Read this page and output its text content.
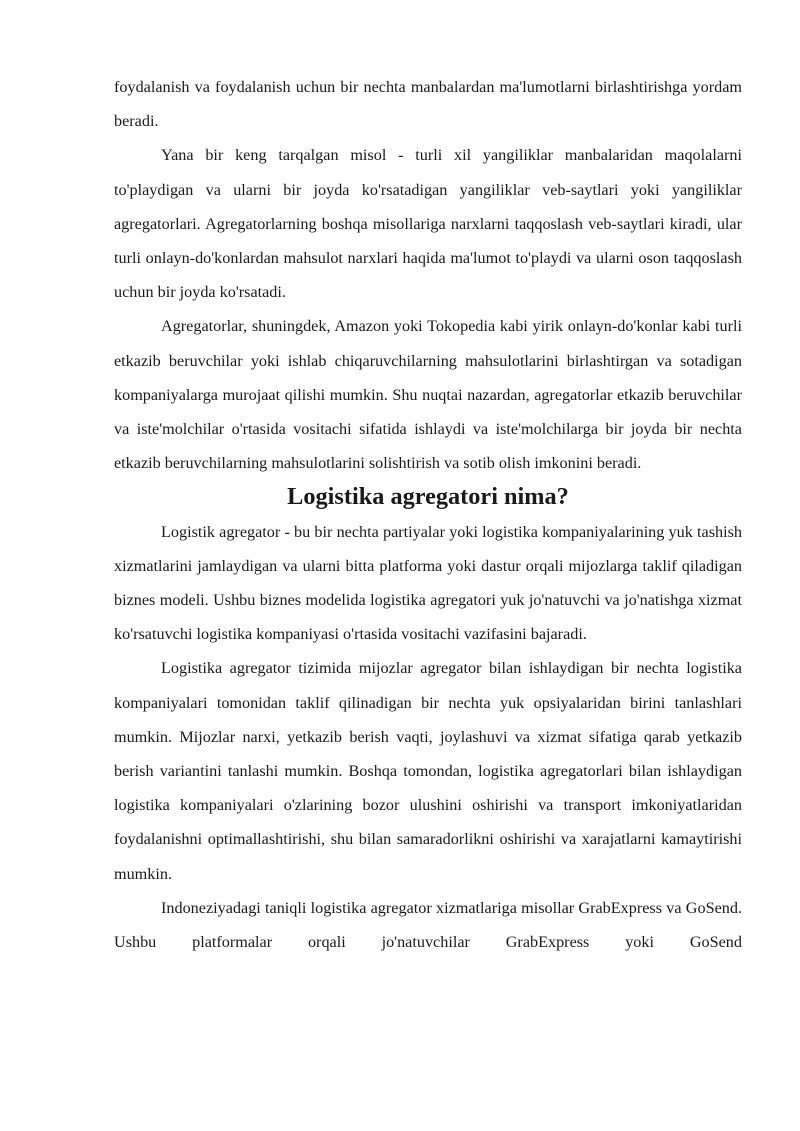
foydalanish va foydalanish uchun bir nechta manbalardan ma'lumotlarni birlashtirishga yordam beradi.

Yana bir keng tarqalgan misol - turli xil yangiliklar manbalaridan maqolalarni to'playdigan va ularni bir joyda ko'rsatadigan yangiliklar veb-saytlari yoki yangiliklar agregatorlari. Agregatorlarning boshqa misollariga narxlarni taqqoslash veb-saytlari kiradi, ular turli onlayn-do'konlardan mahsulot narxlari haqida ma'lumot to'playdi va ularni oson taqqoslash uchun bir joyda ko'rsatadi.

Agregatorlar, shuningdek, Amazon yoki Tokopedia kabi yirik onlayn-do'konlar kabi turli etkazib beruvchilar yoki ishlab chiqaruvchilarning mahsulotlarini birlashtirgan va sotadigan kompaniyalarga murojaat qilishi mumkin. Shu nuqtai nazardan, agregatorlar etkazib beruvchilar va iste'molchilar o'rtasida vositachi sifatida ishlaydi va iste'molchilarga bir joyda bir nechta etkazib beruvchilarning mahsulotlarini solishtirish va sotib olish imkonini beradi.

Logistika agregatori nima?

Logistik agregator - bu bir nechta partiyalar yoki logistika kompaniyalarining yuk tashish xizmatlarini jamlaydigan va ularni bitta platforma yoki dastur orqali mijozlarga taklif qiladigan biznes modeli. Ushbu biznes modelida logistika agregatori yuk jo'natuvchi va jo'natishga xizmat ko'rsatuvchi logistika kompaniyasi o'rtasida vositachi vazifasini bajaradi.

Logistika agregator tizimida mijozlar agregator bilan ishlaydigan bir nechta logistika kompaniyalari tomonidan taklif qilinadigan bir nechta yuk opsiyalaridan birini tanlashlari mumkin. Mijozlar narxi, yetkazib berish vaqti, joylashuvi va xizmat sifatiga qarab yetkazib berish variantini tanlashi mumkin. Boshqa tomondan, logistika agregatorlari bilan ishlaydigan logistika kompaniyalari o'zlarining bozor ulushini oshirishi va transport imkoniyatlaridan foydalanishni optimallashtirishi, shu bilan samaradorlikni oshirishi va xarajatlarni kamaytirishi mumkin.

Indoneziyadagi taniqli logistika agregator xizmatlariga misollar GrabExpress va GoSend. Ushbu platformalar orqali jo'natuvchilar GrabExpress yoki GoSend
